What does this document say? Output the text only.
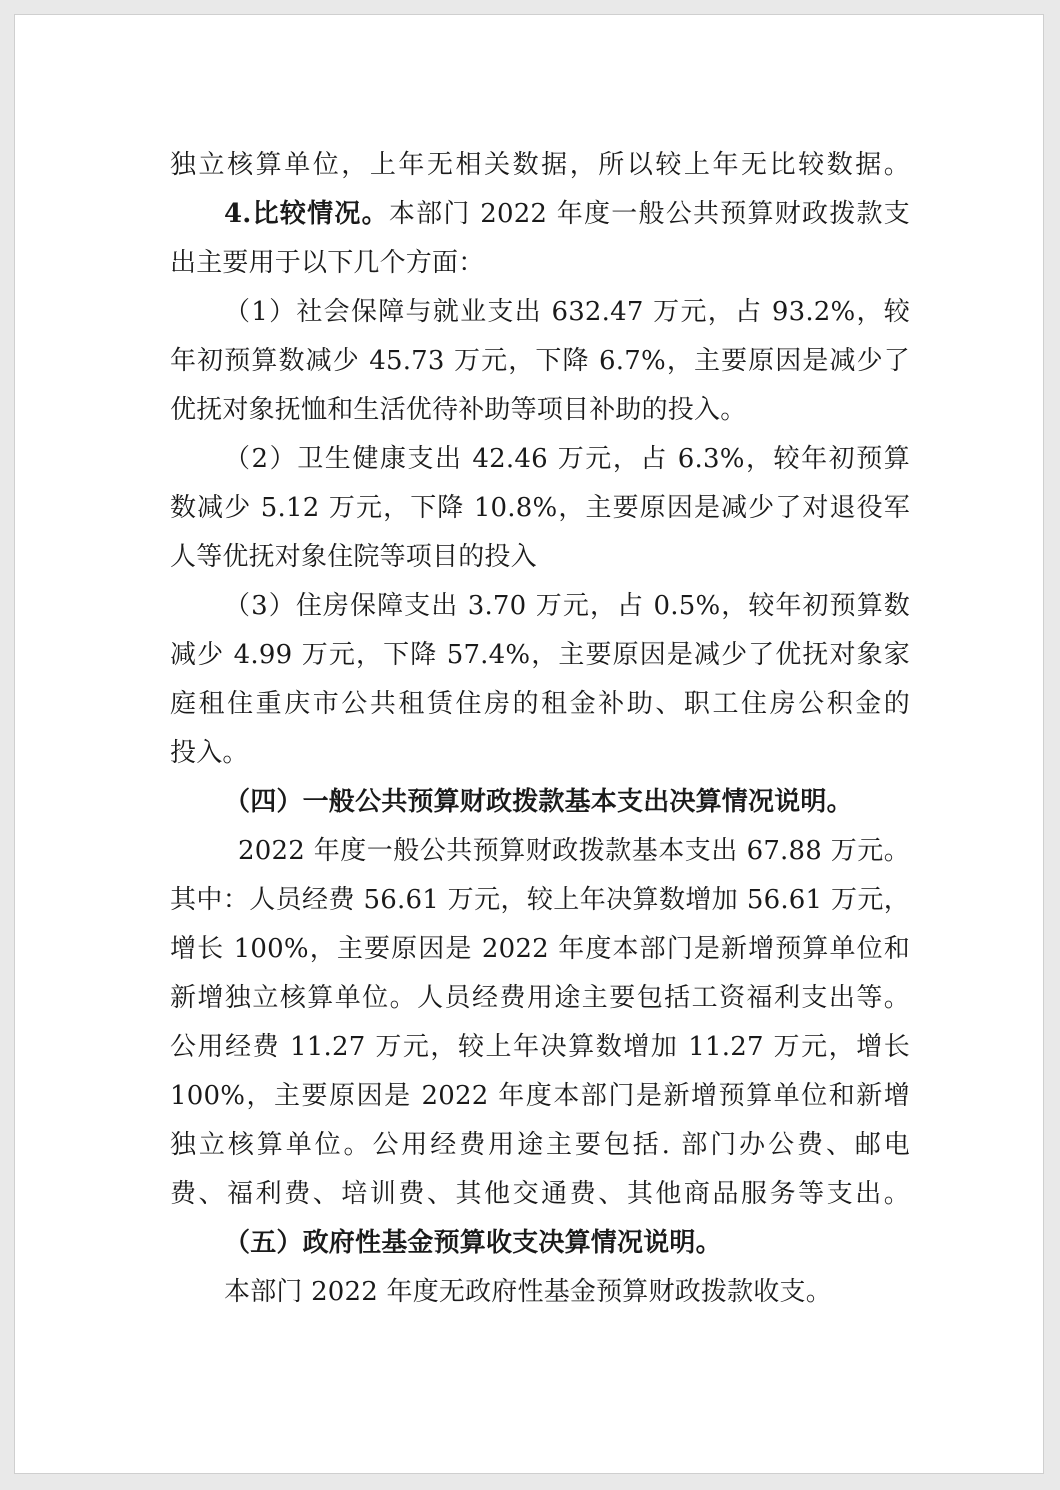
独立核算单位，上年无相关数据，所以较上年无比较数据。
4.比较情况。本部门 2022 年度一般公共预算财政拨款支
出主要用于以下几个方面：
（1）社会保障与就业支出 632.47 万元，占 93.2%，较
年初预算数减少 45.73 万元，下降 6.7%，主要原因是减少了
优抚对象抚恤和生活优待补助等项目补助的投入。
（2）卫生健康支出 42.46 万元，占 6.3%，较年初预算
数减少 5.12 万元，下降 10.8%，主要原因是减少了对退役军
人等优抚对象住院等项目的投入
（3）住房保障支出 3.70 万元，占 0.5%，较年初预算数
减少 4.99 万元，下降 57.4%，主要原因是减少了优抚对象家
庭租住重庆市公共租赁住房的租金补助、职工住房公积金的
投入。
（四）一般公共预算财政拨款基本支出决算情况说明。
2022 年度一般公共预算财政拨款基本支出 67.88 万元。
其中：人员经费 56.61 万元，较上年决算数增加 56.61 万元，
增长 100%，主要原因是 2022 年度本部门是新增预算单位和
新增独立核算单位。人员经费用途主要包括工资福利支出等。
公用经费 11.27 万元，较上年决算数增加 11.27 万元，增长
100%，主要原因是 2022 年度本部门是新增预算单位和新增
独立核算单位。公用经费用途主要包括. 部门办公费、邮电
费、福利费、培训费、其他交通费、其他商品服务等支出。
（五）政府性基金预算收支决算情况说明。
本部门 2022 年度无政府性基金预算财政拨款收支。
